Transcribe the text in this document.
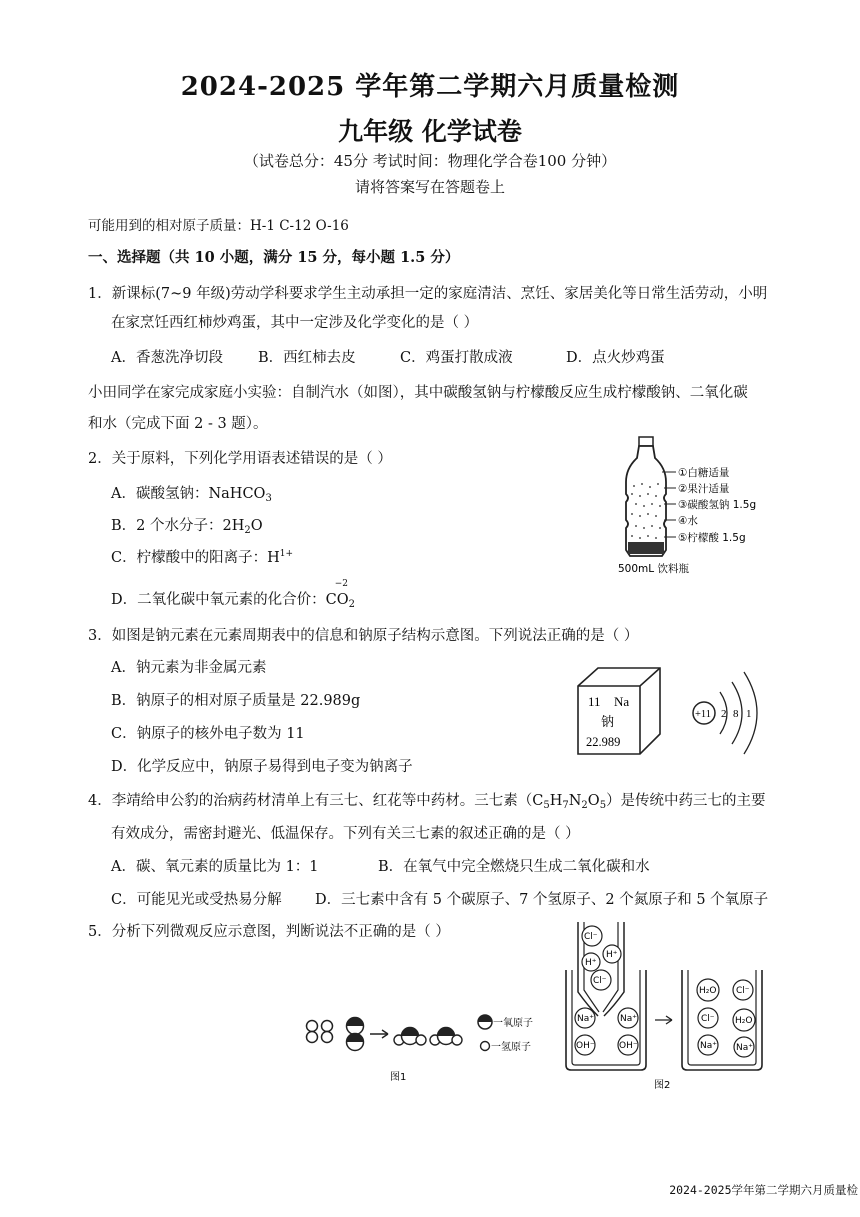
2024-2025 学年第二学期六月质量检测
九年级 化学试卷
（试卷总分：45分 考试时间：物理化学合卷100 分钟）
请将答案写在答题卷上
可能用到的相对原子质量：H-1 C-12 O-16
一、选择题（共 10 小题，满分 15 分，每小题 1.5 分）
1．新课标(7~9 年级)劳动学科要求学生主动承担一定的家庭清洁、烹饪、家居美化等日常生活劳动，小明
在家烹饪西红柿炒鸡蛋，其中一定涉及化学变化的是（ ）
A．香葱洗净切段 B．西红柿去皮	C．鸡蛋打散成液	D．点火炒鸡蛋
小田同学在家完成家庭小实验：自制汽水（如图），其中碳酸氢钠与柠檬酸反应生成柠檬酸钠、二氧化碳
和水（完成下面 2 - 3 题）。
2．关于原料，下列化学用语表述错误的是（ ）
A．碳酸氢钠：NaHCO$_3$
B．2 个水分子：$2H_2O$
C．柠檬酸中的阳离子：$H^{1+}$
D．二氧化碳中氧元素的化合价：CO
−2
$_2$
①白糖适量
②果汁适量
③碳酸氢钠 1.5g
④水
⑤柠檬酸 1.5g
500mL 饮料瓶
3．如图是钠元素在元素周期表中的信息和钠原子结构示意图。下列说法正确的是（ ）
A．钠元素为非金属元素
B．钠原子的相对原子质量是 22.989g
C．钠原子的核外电子数为 11
D．化学反应中，钠原子易得到电子变为钠离子
11 Na
钠
22.989
+11 2 8 1
4．李靖给申公豹的治病药材清单上有三七、红花等中药材。三七素$(C_5H_7N_2O_5)$是传统中药三七的主要
有效成分，需密封避光、低温保存。下列有关三七素的叙述正确的是（ ）
A．碳、氧元素的质量比为 1：1	B．在氧气中完全燃烧只生成二氧化碳和水
C．可能见光或受热易分解 D．三七素中含有 5 个碳原子、7 个氢原子、2 个氮原子和 5 个氧原子
5．分析下列微观反应示意图，判断说法不正确的是（ ）
一氧原子
一氢原子
图1
Cl⁻
H⁺
H⁺
Cl⁻
Na⁺	Na⁺
OH⁻	OH⁻
H₂O Cl⁻
Cl⁻ H₂O
Na⁺ Na⁺
图2
2024-2025学年第二学期六月质量检
